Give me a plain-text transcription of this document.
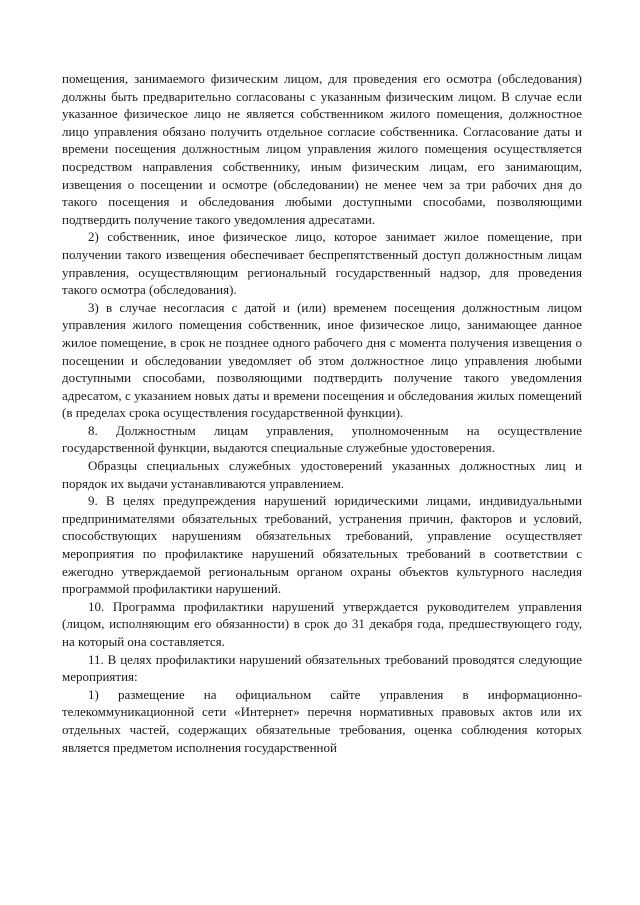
помещения, занимаемого физическим лицом, для проведения его осмотра (обследования) должны быть предварительно согласованы с указанным физическим лицом. В случае если указанное физическое лицо не является собственником жилого помещения, должностное лицо управления обязано получить отдельное согласие собственника. Согласование даты и времени посещения должностным лицом управления жилого помещения осуществляется посредством направления собственнику, иным физическим лицам, его занимающим, извещения о посещении и осмотре (обследовании) не менее чем за три рабочих дня до такого посещения и обследования любыми доступными способами, позволяющими подтвердить получение такого уведомления адресатами.

2) собственник, иное физическое лицо, которое занимает жилое помещение, при получении такого извещения обеспечивает беспрепятственный доступ должностным лицам управления, осуществляющим региональный государственный надзор, для проведения такого осмотра (обследования).

3) в случае несогласия с датой и (или) временем посещения должностным лицом управления жилого помещения собственник, иное физическое лицо, занимающее данное жилое помещение, в срок не позднее одного рабочего дня с момента получения извещения о посещении и обследовании уведомляет об этом должностное лицо управления любыми доступными способами, позволяющими подтвердить получение такого уведомления адресатом, с указанием новых даты и времени посещения и обследования жилых помещений (в пределах срока осуществления государственной функции).

8. Должностным лицам управления, уполномоченным на осуществление государственной функции, выдаются специальные служебные удостоверения.

Образцы специальных служебных удостоверений указанных должностных лиц и порядок их выдачи устанавливаются управлением.

9. В целях предупреждения нарушений юридическими лицами, индивидуальными предпринимателями обязательных требований, устранения причин, факторов и условий, способствующих нарушениям обязательных требований, управление осуществляет мероприятия по профилактике нарушений обязательных требований в соответствии с ежегодно утверждаемой региональным органом охраны объектов культурного наследия программой профилактики нарушений.

10. Программа профилактики нарушений утверждается руководителем управления (лицом, исполняющим его обязанности) в срок до 31 декабря года, предшествующего году, на который она составляется.

11. В целях профилактики нарушений обязательных требований проводятся следующие мероприятия:

1) размещение на официальном сайте управления в информационно-телекоммуникационной сети «Интернет» перечня нормативных правовых актов или их отдельных частей, содержащих обязательные требования, оценка соблюдения которых является предметом исполнения государственной
